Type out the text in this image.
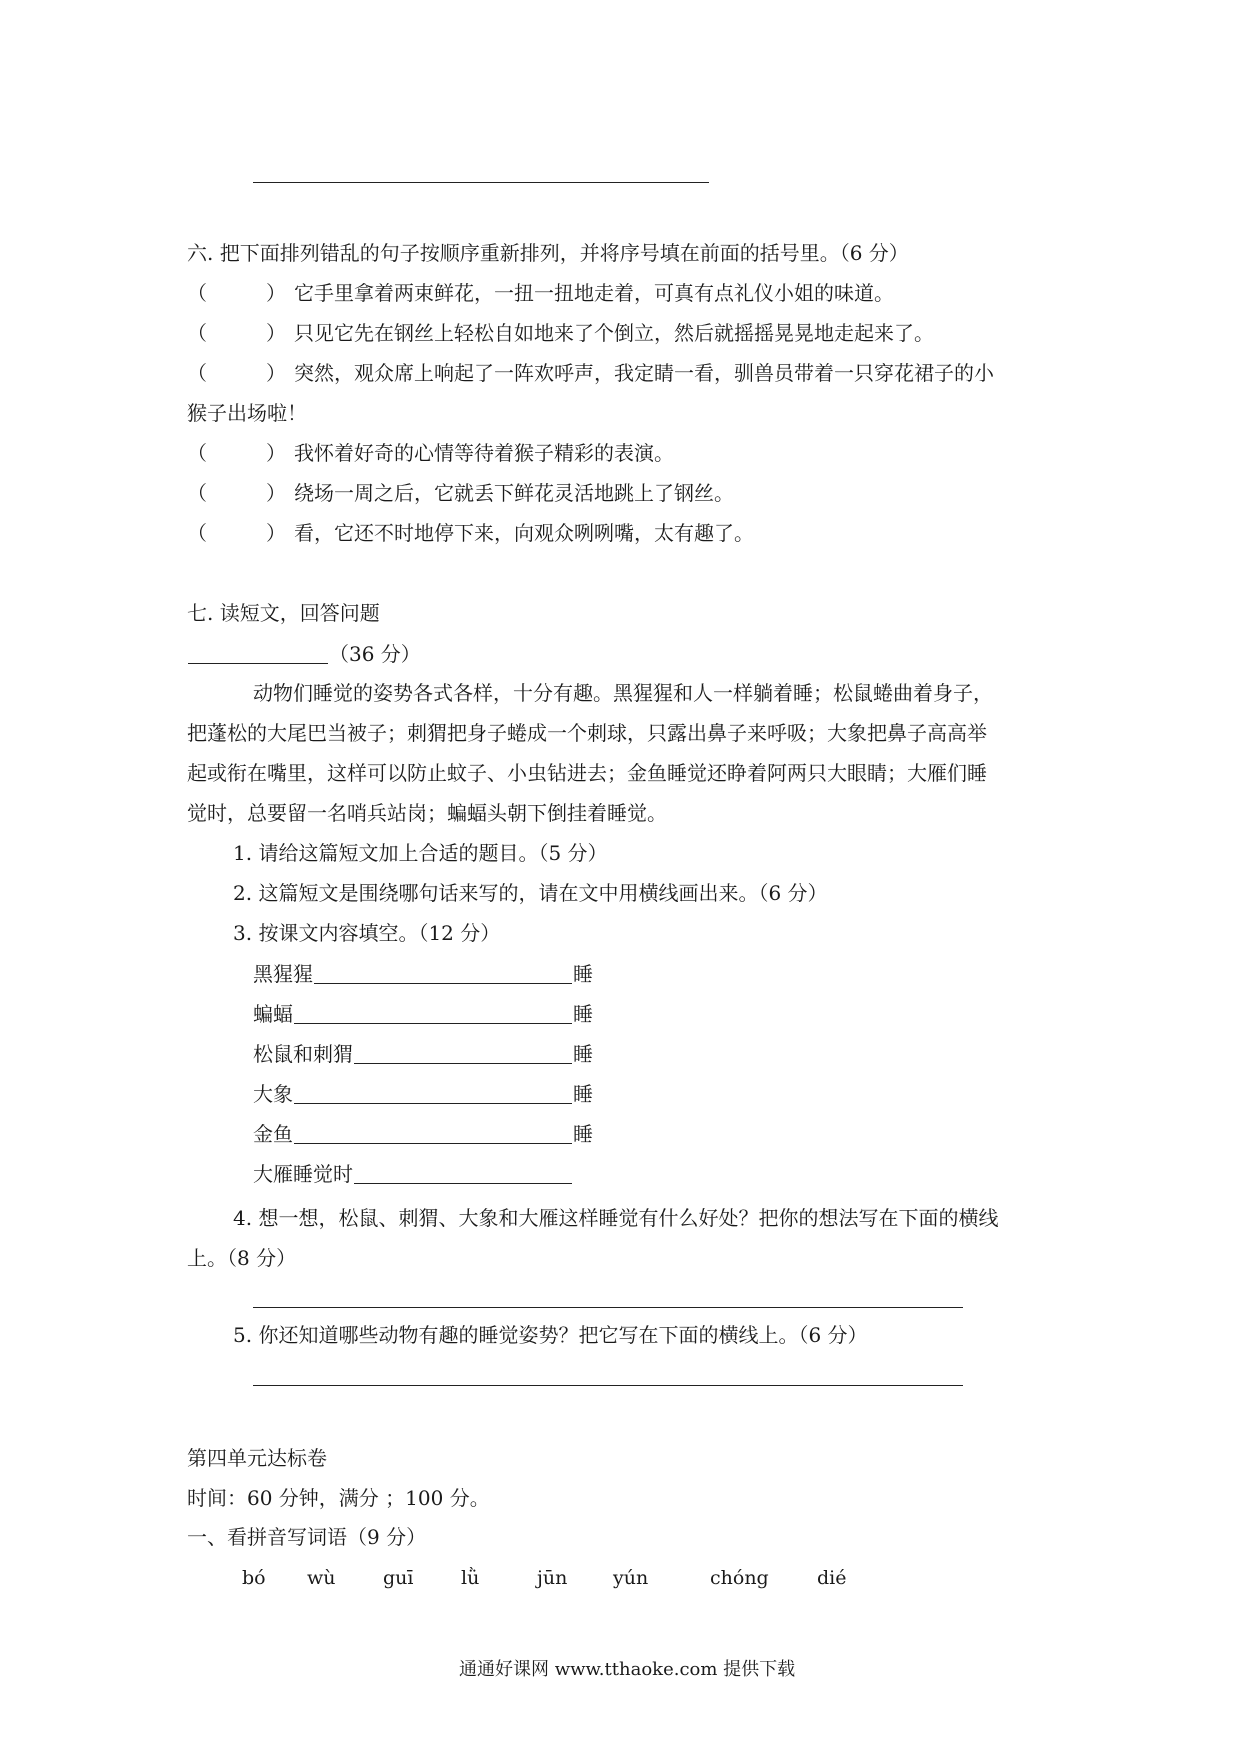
六. 把下面排列错乱的句子按顺序重新排列，并将序号填在前面的括号里。（6 分）
（	） 它手里拿着两束鲜花，一扭一扭地走着，可真有点礼仪小姐的味道。
（	） 只见它先在钢丝上轻松自如地来了个倒立，然后就摇摇晃晃地走起来了。
（	） 突然，观众席上响起了一阵欢呼声，我定睛一看，驯兽员带着一只穿花裙子的小
猴子出场啦！
（	） 我怀着好奇的心情等待着猴子精彩的表演。
（	） 绕场一周之后，它就丢下鲜花灵活地跳上了钢丝。
（	） 看，它还不时地停下来，向观众咧咧嘴，太有趣了。
七. 读短文，回答问题
（36 分）
动物们睡觉的姿势各式各样，十分有趣。黑猩猩和人一样躺着睡；松鼠蜷曲着身子，
把蓬松的大尾巴当被子；刺猬把身子蜷成一个刺球，只露出鼻子来呼吸；大象把鼻子高高举
起或衔在嘴里，这样可以防止蚊子、小虫钻进去；金鱼睡觉还睁着阿两只大眼睛；大雁们睡
觉时，总要留一名哨兵站岗；蝙蝠头朝下倒挂着睡觉。
1. 请给这篇短文加上合适的题目。（5 分）
2. 这篇短文是围绕哪句话来写的，请在文中用横线画出来。（6 分）
3. 按课文内容填空。（12 分）
黑猩猩	睡
蝙蝠	睡
松鼠和刺猬	睡
大象	睡
金鱼	睡
大雁睡觉时
4. 想一想，松鼠、刺猬、大象和大雁这样睡觉有什么好处？把你的想法写在下面的横线
上。（8 分）
5. 你还知道哪些动物有趣的睡觉姿势？把它写在下面的横线上。（6 分）
第四单元达标卷
时间：60 分钟，满分 ；100 分。
一、看拼音写词语（9 分）
bó wù	guī	lǜ	jūn yún	chóng	dié
通通好课网 www.tthaoke.com 提供下载
